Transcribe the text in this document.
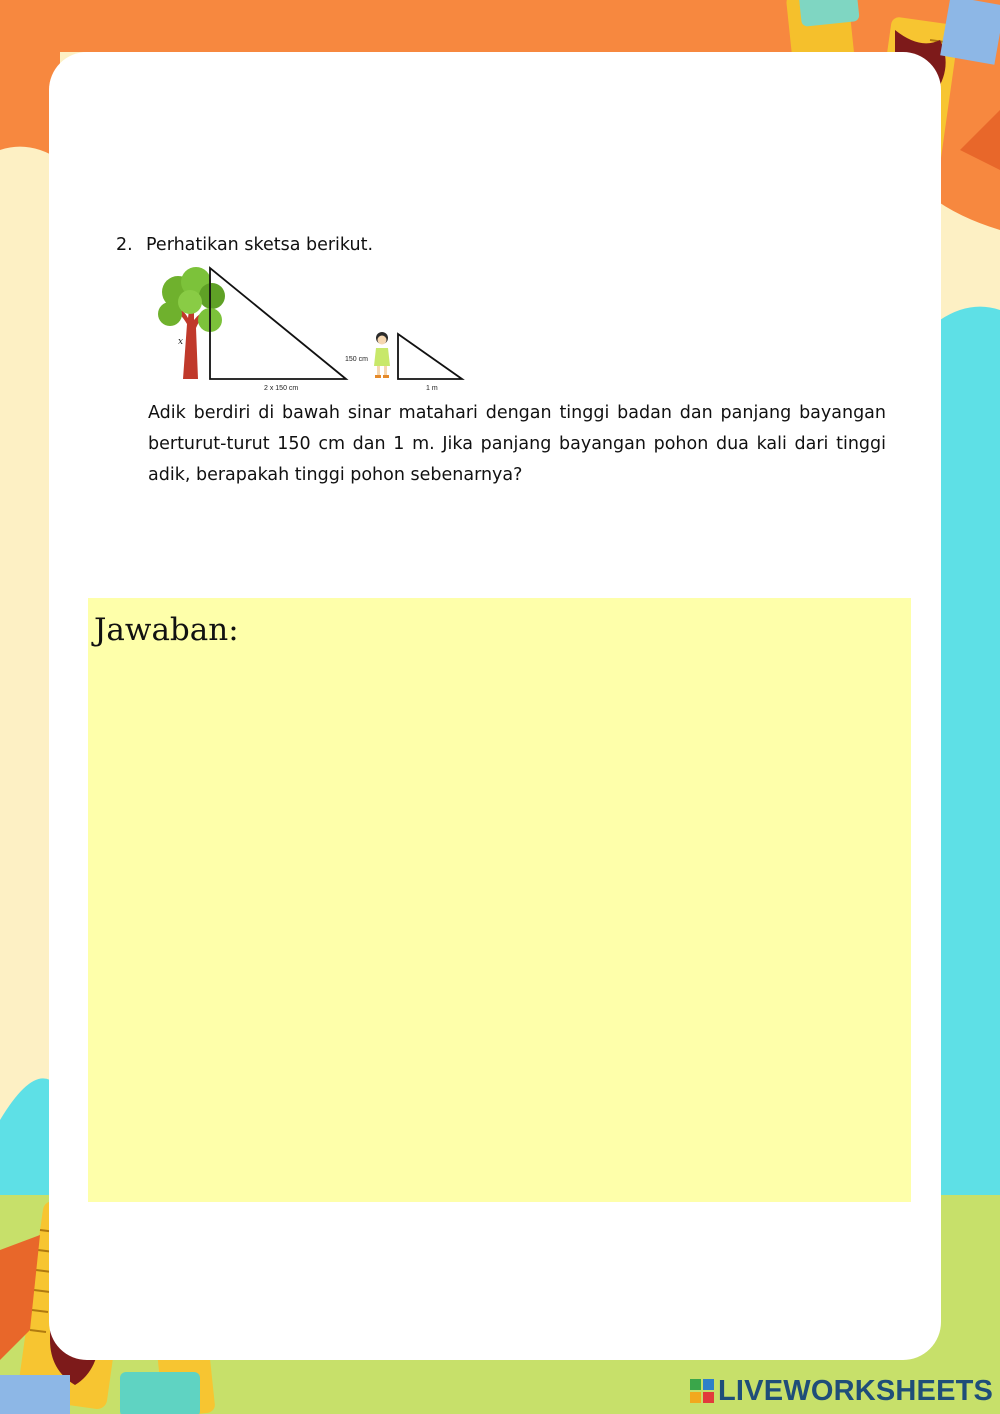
2. Perhatikan sketsa berikut.
x
2 x 150 cm
150 cm
1 m

Adik berdiri di bawah sinar matahari dengan tinggi badan dan panjang bayangan berturut-turut 150 cm dan 1 m. Jika panjang bayangan pohon dua kali dari tinggi adik, berapakah tinggi pohon sebenarnya?

Jawaban:
LIVEWORKSHEETS
